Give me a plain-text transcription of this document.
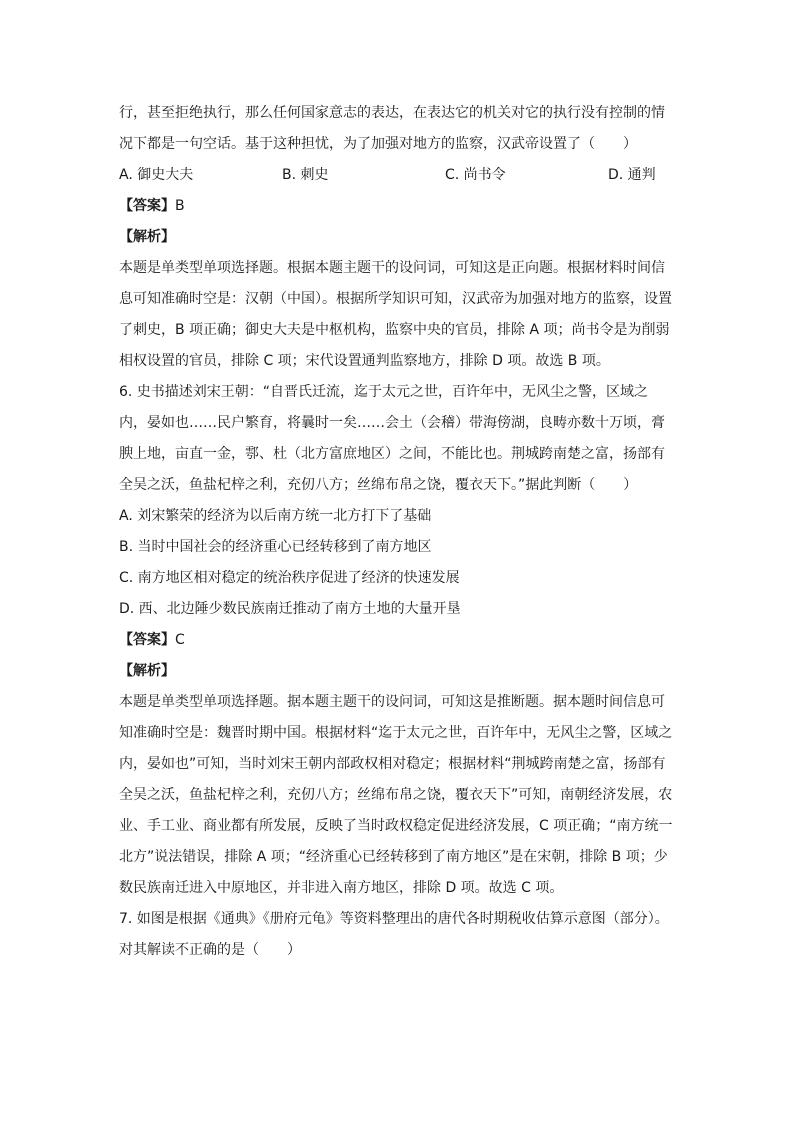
行，甚至拒绝执行，那么任何国家意志的表达，在表达它的机关对它的执行没有控制的情
况下都是一句空话。基于这种担忧，为了加强对地方的监察，汉武帝设置了（　　）
A. 御史大夫	B. 刺史	C. 尚书令	D. 通判
【答案】B
【解析】
本题是单类型单项选择题。根据本题主题干的设问词，可知这是正向题。根据材料时间信
息可知准确时空是：汉朝（中国）。根据所学知识可知，汉武帝为加强对地方的监察，设置
了刺史，B 项正确；御史大夫是中枢机构，监察中央的官员，排除 A 项；尚书令是为削弱
相权设置的官员，排除 C 项；宋代设置通判监察地方，排除 D 项。故选 B 项。
6. 史书描述刘宋王朝：“自晋氏迁流，迄于太元之世，百许年中，无风尘之警，区域之
内，晏如也……民户繁育，将曩时一矣……会土（会稽）带海傍湖，良畴亦数十万顷，膏
腴上地，亩直一金，鄠、杜（北方富庶地区）之间，不能比也。荆城跨南楚之富，扬部有
全吴之沃，鱼盐杞梓之利，充仞八方；丝绵布帛之饶，覆衣天下。”据此判断（　　）
A. 刘宋繁荣的经济为以后南方统一北方打下了基础
B. 当时中国社会的经济重心已经转移到了南方地区
C. 南方地区相对稳定的统治秩序促进了经济的快速发展
D. 西、北边陲少数民族南迁推动了南方土地的大量开垦
【答案】C
【解析】
本题是单类型单项选择题。据本题主题干的设问词，可知这是推断题。据本题时间信息可
知准确时空是：魏晋时期中国。根据材料“迄于太元之世，百许年中，无风尘之警，区域之
内，晏如也”可知，当时刘宋王朝内部政权相对稳定；根据材料“荆城跨南楚之富，扬部有
全吴之沃，鱼盐杞梓之利，充仞八方；丝绵布帛之饶，覆衣天下”可知，南朝经济发展，农
业、手工业、商业都有所发展，反映了当时政权稳定促进经济发展，C 项正确；“南方统一
北方”说法错误，排除 A 项；“经济重心已经转移到了南方地区”是在宋朝，排除 B 项；少
数民族南迁进入中原地区，并非进入南方地区，排除 D 项。故选 C 项。
7. 如图是根据《通典》《册府元龟》等资料整理出的唐代各时期税收估算示意图（部分）。
对其解读不正确的是（　　）
